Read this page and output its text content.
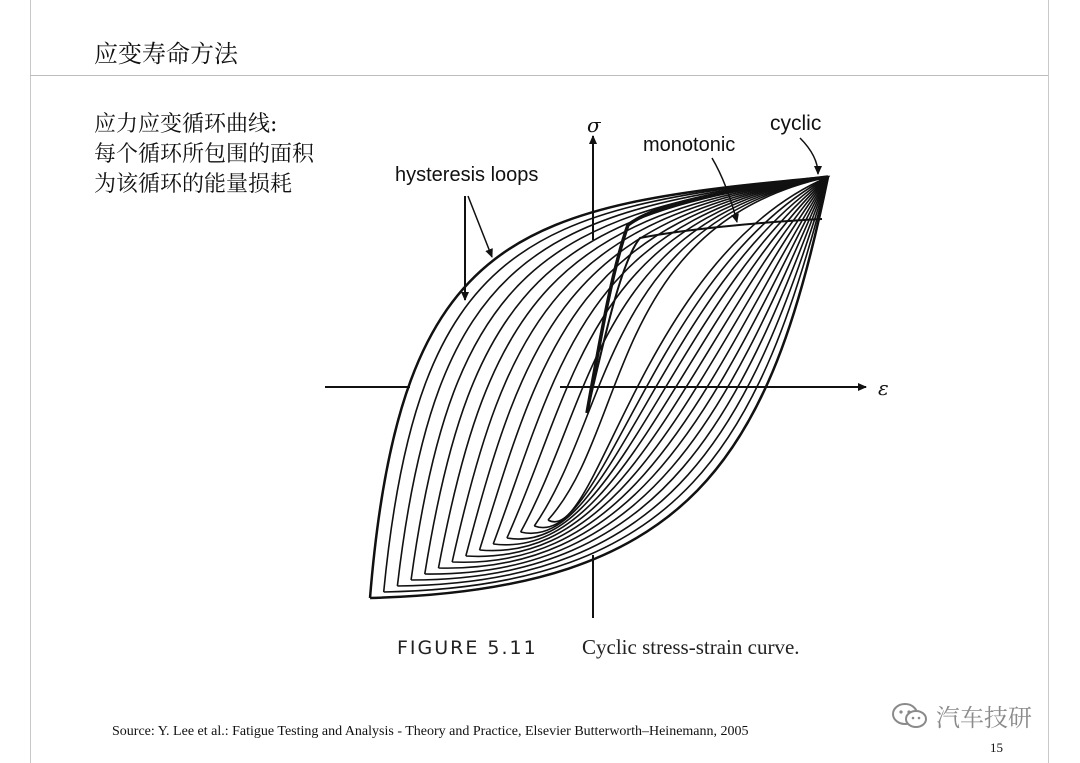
应变寿命方法
应力应变循环曲线:
每个循环所包围的面积
为该循环的能量损耗
σ
ε
hysteresis loops
monotonic
cyclic
FIGURE 5.11 Cyclic stress-strain curve.
汽车技研
Source: Y. Lee et al.: Fatigue Testing and Analysis - Theory and Practice, Elsevier Butterworth–Heinemann, 2005
15
